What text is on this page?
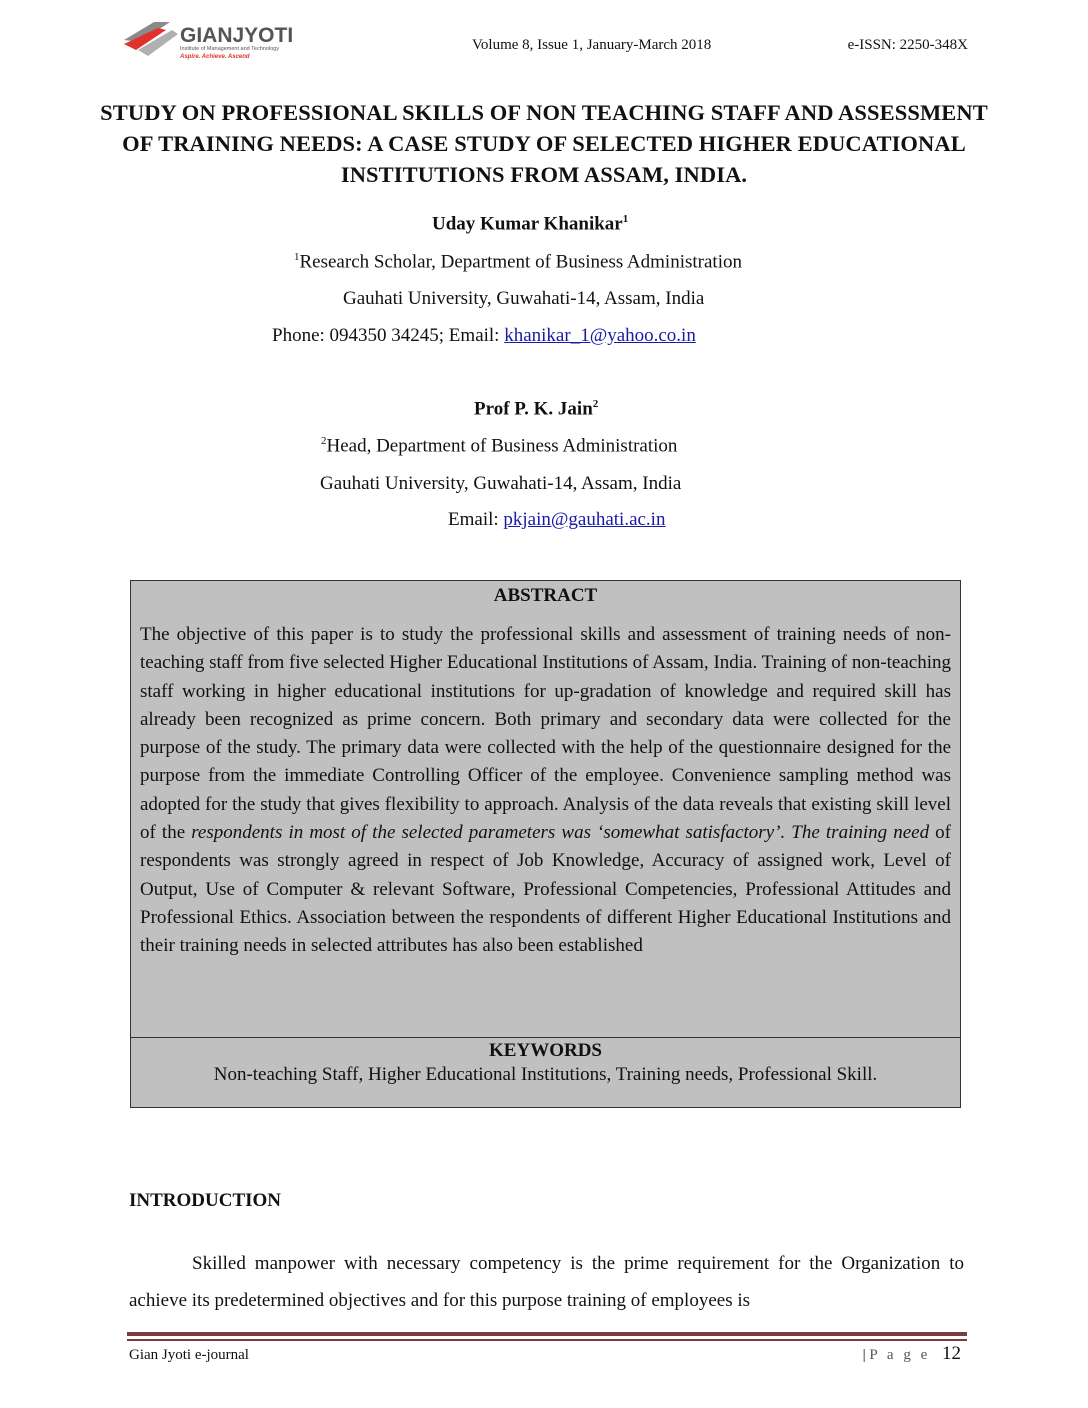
GIANJYOTI
Institute of Management and Technology
Aspire. Achieve. Ascend
Volume 8, Issue 1, January-March 2018	e-ISSN: 2250-348X
STUDY ON PROFESSIONAL SKILLS OF NON TEACHING STAFF AND ASSESSMENT OF TRAINING NEEDS: A CASE STUDY OF SELECTED HIGHER EDUCATIONAL INSTITUTIONS FROM ASSAM, INDIA.
Uday Kumar Khanikar$^1$
$^1$Research Scholar, Department of Business Administration
Gauhati University, Guwahati-14, Assam, India
Phone: 094350 34245; Email: khanikar_1@yahoo.co.in
Prof P. K. Jain$^2$
$^2$Head, Department of Business Administration
Gauhati University, Guwahati-14, Assam, India
Email: pkjain@gauhati.ac.in
ABSTRACT
The objective of this paper is to study the professional skills and assessment of training needs of non-teaching staff from five selected Higher Educational Institutions of Assam, India. Training of non-teaching staff working in higher educational institutions for up-gradation of knowledge and required skill has already been recognized as prime concern. Both primary and secondary data were collected for the purpose of the study. The primary data were collected with the help of the questionnaire designed for the purpose from the immediate Controlling Officer of the employee. Convenience sampling method was adopted for the study that gives flexibility to approach. Analysis of the data reveals that existing skill level of the respondents in most of the selected parameters was ‘somewhat satisfactory’. The training need of respondents was strongly agreed in respect of Job Knowledge, Accuracy of assigned work, Level of Output, Use of Computer & relevant Software, Professional Competencies, Professional Attitudes and Professional Ethics. Association between the respondents of different Higher Educational Institutions and their training needs in selected attributes has also been established
KEYWORDS
Non-teaching Staff, Higher Educational Institutions, Training needs, Professional Skill.
INTRODUCTION
Skilled manpower with necessary competency is the prime requirement for the Organization to achieve its predetermined objectives and for this purpose training of employees is
Gian Jyoti e-journal	| P a g e 12
